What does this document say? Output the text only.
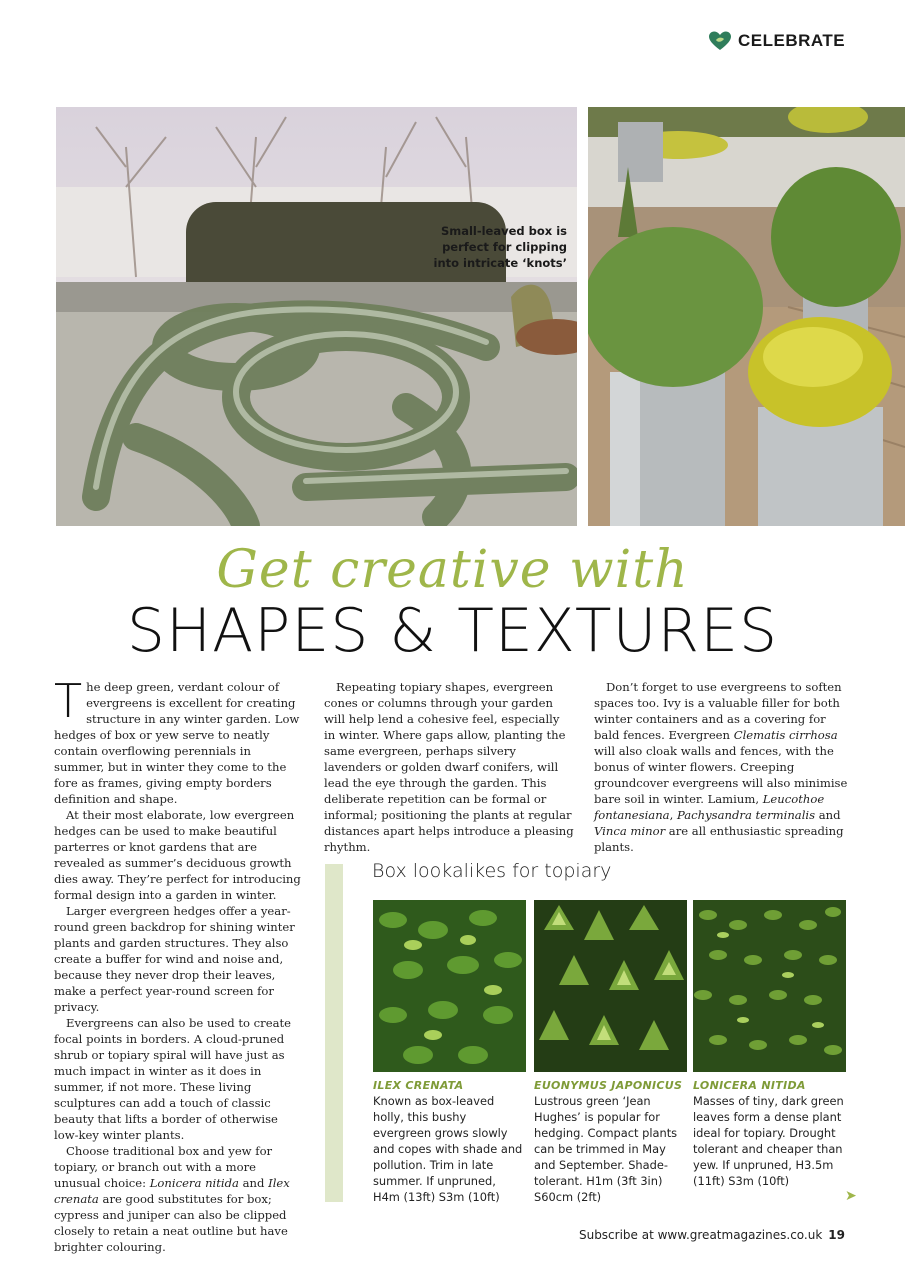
CELEBRATE
Small-leaved box is perfect for clipping into intricate ‘knots’

Get creative with
SHAPES & TEXTURES

The deep green, verdant colour of evergreens is excellent for creating structure in any winter garden. Low hedges of box or yew serve to neatly contain overflowing perennials in summer, but in winter they come to the fore as frames, giving empty borders definition and shape.

At their most elaborate, low evergreen hedges can be used to make beautiful parterres or knot gardens that are revealed as summer’s deciduous growth dies away. They’re perfect for introducing formal design into a garden in winter.

Larger evergreen hedges offer a year-round green backdrop for shining winter plants and garden structures. They also create a buffer for wind and noise and, because they never drop their leaves, make a perfect year-round screen for privacy.

Evergreens can also be used to create focal points in borders. A cloud-pruned shrub or topiary spiral will have just as much impact in winter as it does in summer, if not more. These living sculptures can add a touch of classic beauty that lifts a border of otherwise low-key winter plants.

Choose traditional box and yew for topiary, or branch out with a more unusual choice: Lonicera nitida and Ilex crenata are good substitutes for box; cypress and juniper can also be clipped closely to retain a neat outline but have brighter colouring.

Repeating topiary shapes, evergreen cones or columns through your garden will help lend a cohesive feel, especially in winter. Where gaps allow, planting the same evergreen, perhaps silvery lavenders or golden dwarf conifers, will lead the eye through the garden. This deliberate repetition can be formal or informal; positioning the plants at regular distances apart helps introduce a pleasing rhythm.

Don’t forget to use evergreens to soften spaces too. Ivy is a valuable filler for both winter containers and as a covering for bald fences. Evergreen Clematis cirrhosa will also cloak walls and fences, with the bonus of winter flowers. Creeping groundcover evergreens will also minimise bare soil in winter. Lamium, Leucothoe fontanesiana, Pachysandra terminalis and Vinca minor are all enthusiastic spreading plants.

Box lookalikes for topiary
ILEX CRENATA
Known as box-leaved holly, this bushy evergreen grows slowly and copes with shade and pollution. Trim in late summer. If unpruned, H4m (13ft) S3m (10ft)
EUONYMUS JAPONICUS
Lustrous green ‘Jean Hughes’ is popular for hedging. Compact plants can be trimmed in May and September. Shade-tolerant. H1m (3ft 3in) S60cm (2ft)
LONICERA NITIDA
Masses of tiny, dark green leaves form a dense plant ideal for topiary. Drought tolerant and cheaper than yew. If unpruned, H3.5m (11ft) S3m (10ft)
➤
Subscribe at www.greatmagazines.co.uk 19
